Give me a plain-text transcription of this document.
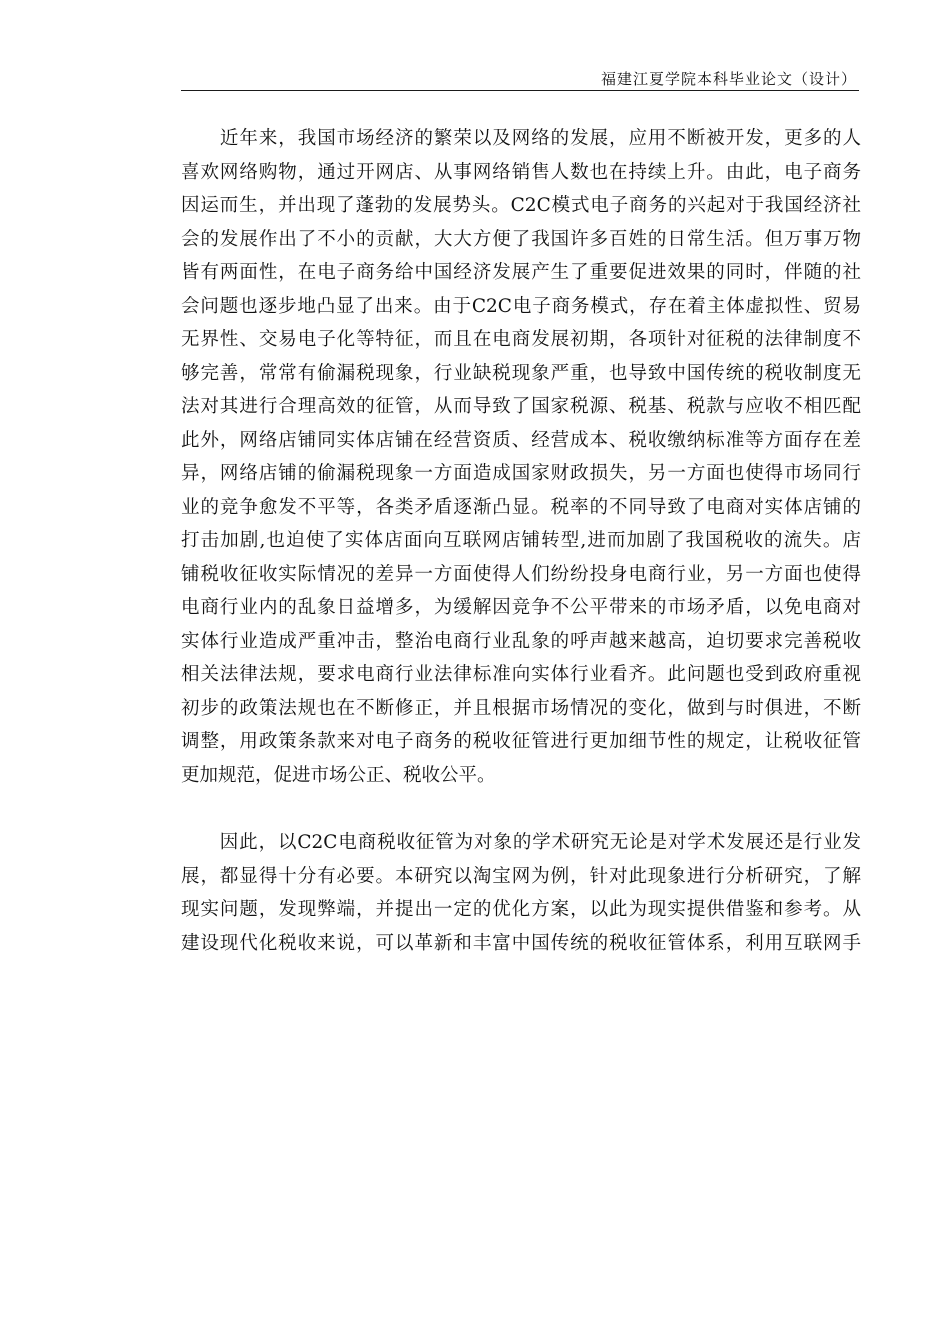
福建江夏学院本科毕业论文（设计）
　　近年来，我国市场经济的繁荣以及网络的发展，应用不断被开发，更多的人
喜欢网络购物，通过开网店、从事网络销售人数也在持续上升。由此，电子商务
因运而生，并出现了蓬勃的发展势头。C2C模式电子商务的兴起对于我国经济社
会的发展作出了不小的贡献，大大方便了我国许多百姓的日常生活。但万事万物
皆有两面性，在电子商务给中国经济发展产生了重要促进效果的同时，伴随的社
会问题也逐步地凸显了出来。由于C2C电子商务模式，存在着主体虚拟性、贸易
无界性、交易电子化等特征，而且在电商发展初期，各项针对征税的法律制度不
够完善，常常有偷漏税现象，行业缺税现象严重，也导致中国传统的税收制度无
法对其进行合理高效的征管，从而导致了国家税源、税基、税款与应收不相匹配
此外，网络店铺同实体店铺在经营资质、经营成本、税收缴纳标准等方面存在差
异，网络店铺的偷漏税现象一方面造成国家财政损失，另一方面也使得市场同行
业的竞争愈发不平等，各类矛盾逐渐凸显。税率的不同导致了电商对实体店铺的
打击加剧,也迫使了实体店面向互联网店铺转型,进而加剧了我国税收的流失。店
铺税收征收实际情况的差异一方面使得人们纷纷投身电商行业，另一方面也使得
电商行业内的乱象日益增多，为缓解因竞争不公平带来的市场矛盾，以免电商对
实体行业造成严重冲击，整治电商行业乱象的呼声越来越高，迫切要求完善税收
相关法律法规，要求电商行业法律标准向实体行业看齐。此问题也受到政府重视
初步的政策法规也在不断修正，并且根据市场情况的变化，做到与时俱进，不断
调整，用政策条款来对电子商务的税收征管进行更加细节性的规定，让税收征管
更加规范，促进市场公正、税收公平。
　　因此，以C2C电商税收征管为对象的学术研究无论是对学术发展还是行业发
展，都显得十分有必要。本研究以淘宝网为例，针对此现象进行分析研究，了解
现实问题，发现弊端，并提出一定的优化方案，以此为现实提供借鉴和参考。从
建设现代化税收来说，可以革新和丰富中国传统的税收征管体系，利用互联网手
